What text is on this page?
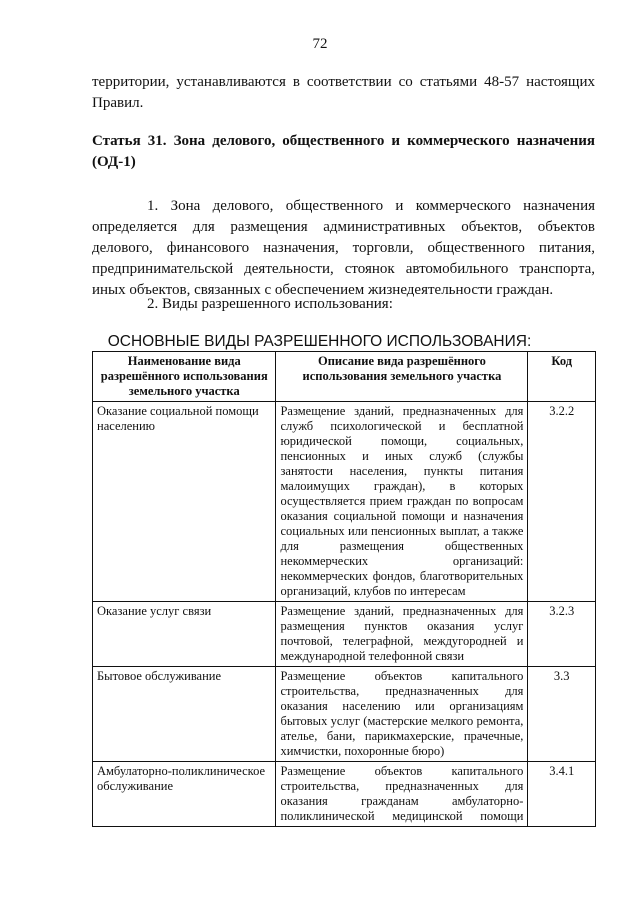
72

территории, устанавливаются в соответствии со статьями 48-57 настоящих Правил.

Статья 31. Зона делового, общественного и коммерческого назначения (ОД-1)

1. Зона делового, общественного и коммерческого назначения определяется для размещения административных объектов, объектов делового, финансового назначения, торговли, общественного питания, предпринимательской деятельности, стоянок автомобильного транспорта, иных объектов, связанных с обеспечением жизнедеятельности граждан.

2. Виды разрешенного использования:

ОСНОВНЫЕ ВИДЫ РАЗРЕШЕННОГО ИСПОЛЬЗОВАНИЯ:
Наименование вида разрешённого использования земельного участка	Описание вида разрешённого использования земельного участка	Код
Оказание социальной помощи населению	Размещение зданий, предназначенных для служб психологической и бесплатной юридической помощи, социальных, пенсионных и иных служб (службы занятости населения, пункты питания малоимущих граждан), в которых осуществляется прием граждан по вопросам оказания социальной помощи и назначения социальных или пенсионных выплат, а также для размещения общественных некоммерческих организаций: некоммерческих фондов, благотворительных организаций, клубов по интересам	3.2.2
Оказание услуг связи	Размещение зданий, предназначенных для размещения пунктов оказания услуг почтовой, телеграфной, междугородней и международной телефонной связи	3.2.3
Бытовое обслуживание	Размещение объектов капитального строительства, предназначенных для оказания населению или организациям бытовых услуг (мастерские мелкого ремонта, ателье, бани, парикмахерские, прачечные, химчистки, похоронные бюро)	3.3
Амбулаторно-поликлиническое обслуживание	Размещение объектов капитального строительства, предназначенных для оказания гражданам амбулаторно-поликлинической медицинской помощи	3.4.1
